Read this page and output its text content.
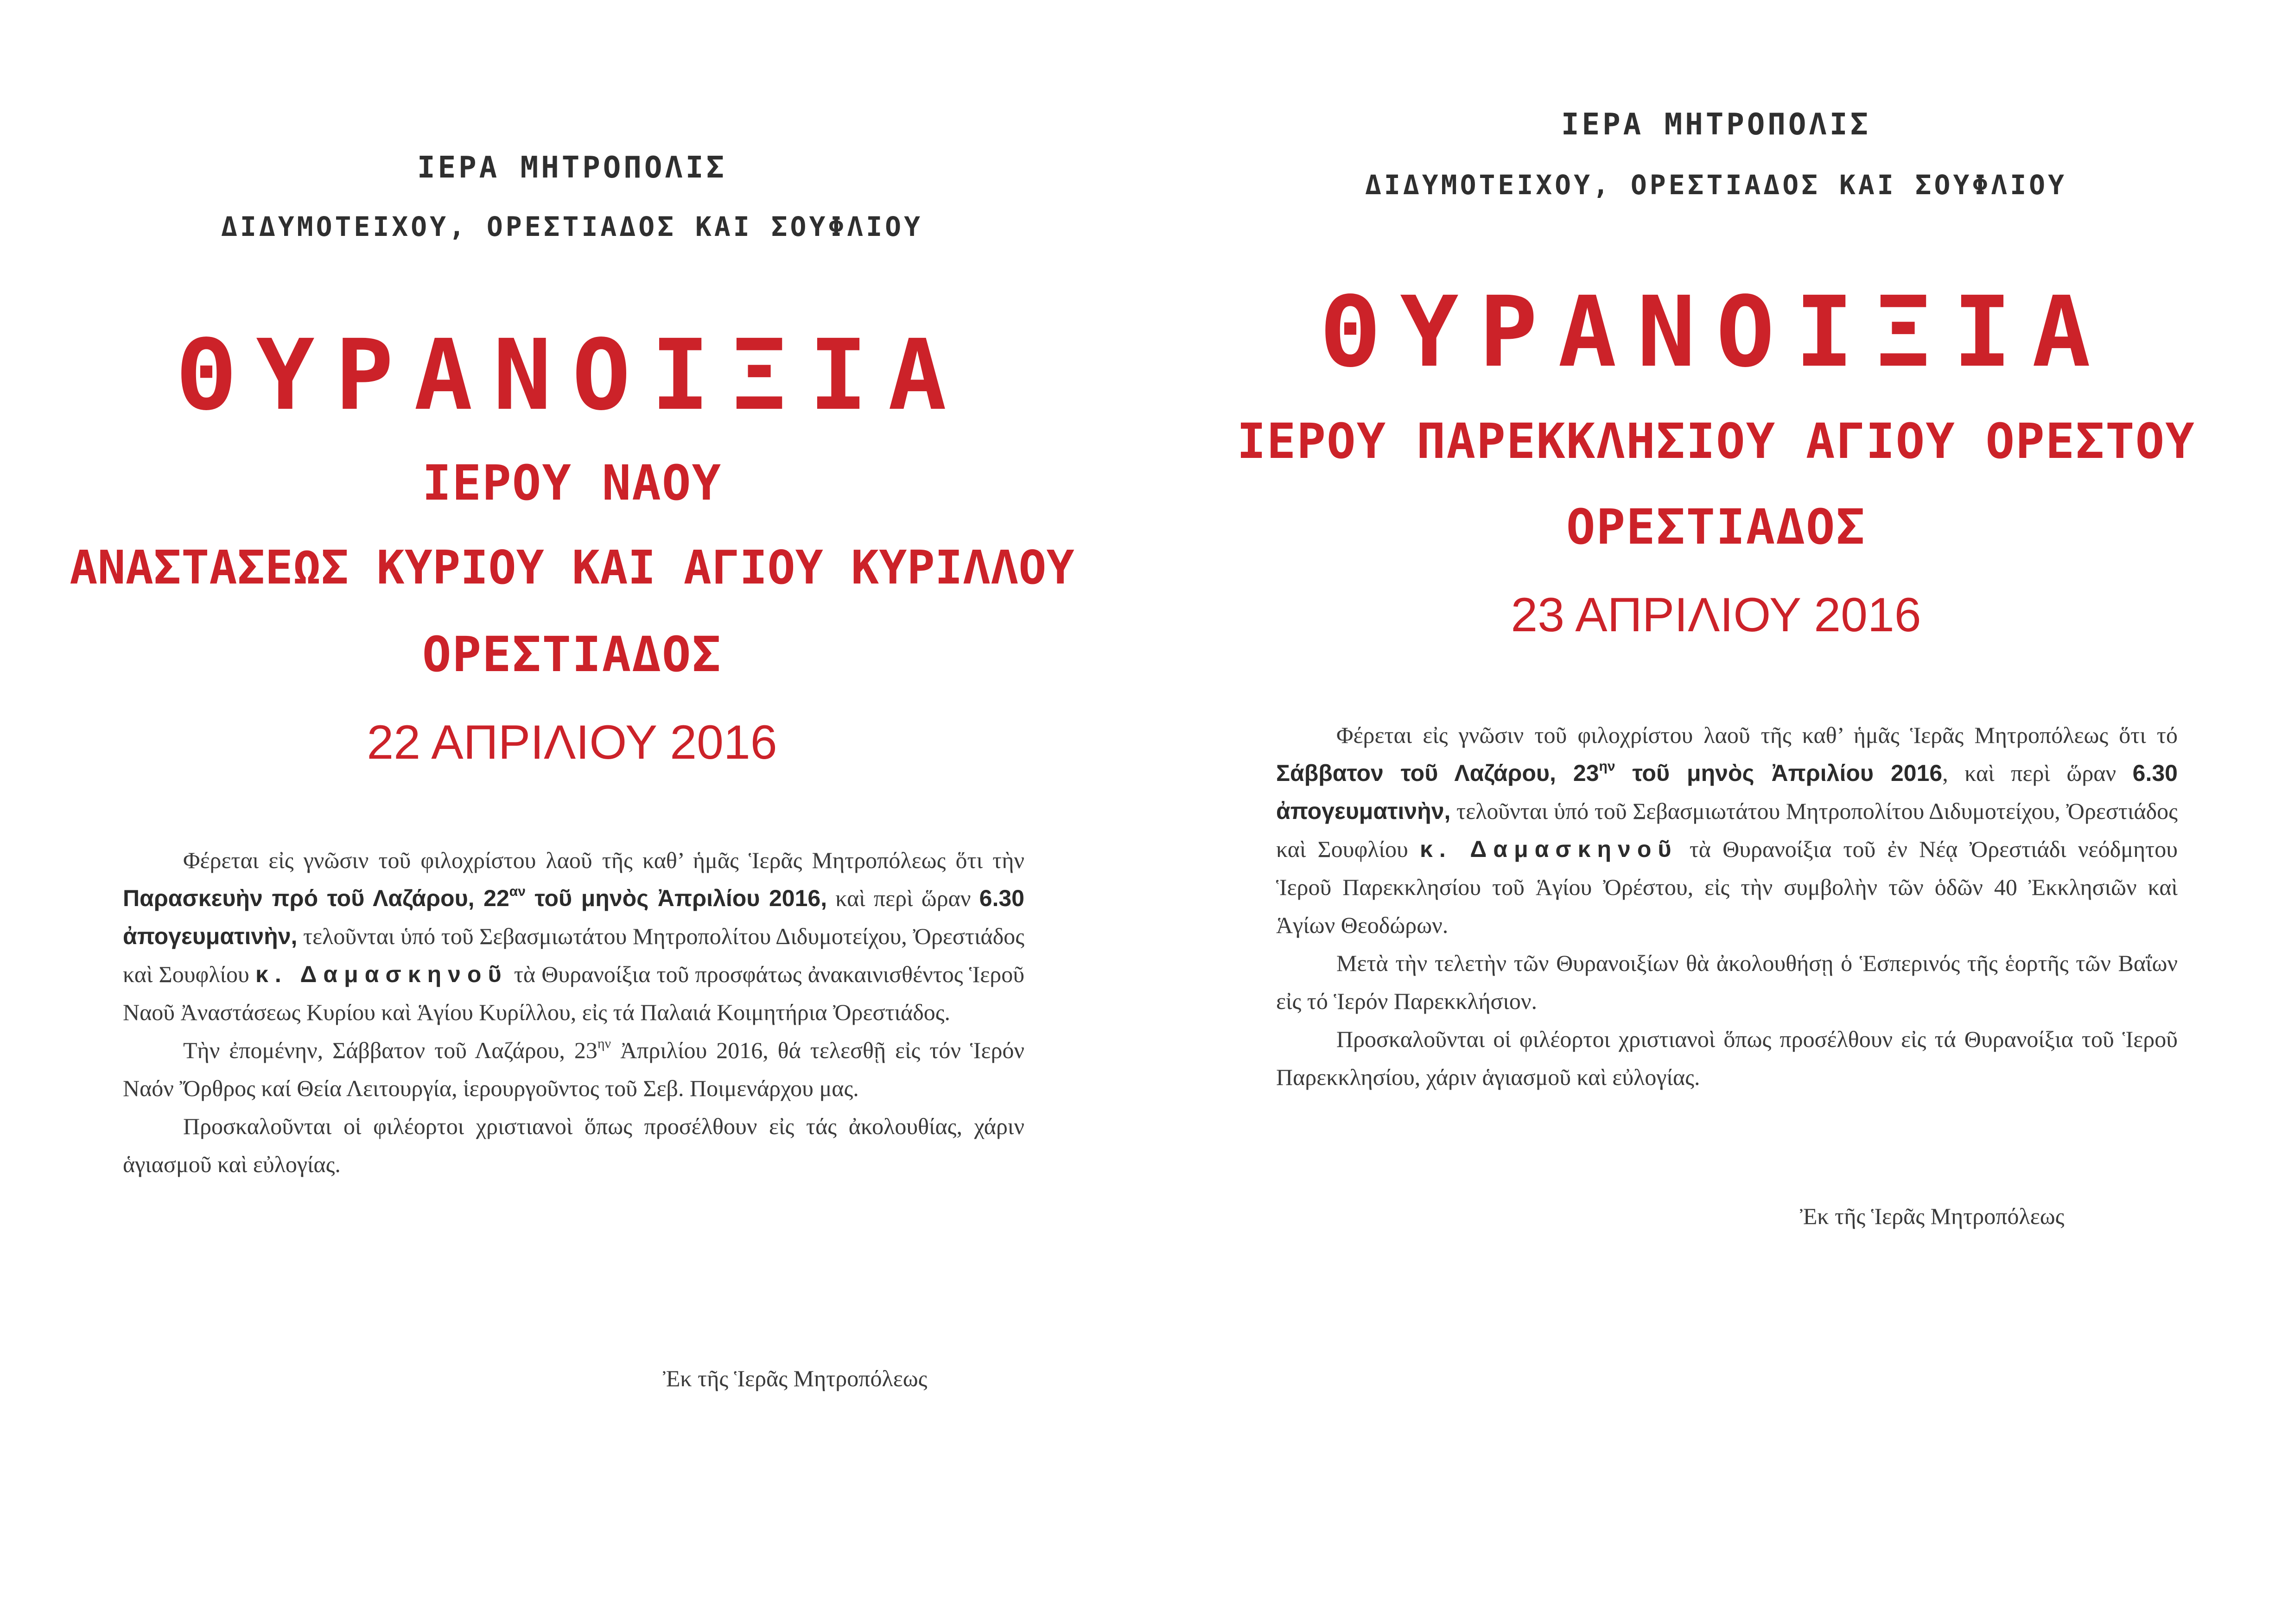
ΙΕΡΑ ΜΗΤΡΟΠΟΛΙΣ
ΔΙΔΥΜΟΤΕΙΧΟΥ, ΟΡΕΣΤΙΑΔΟΣ ΚΑΙ ΣΟΥΦΛΙΟΥ
ΘΥΡΑΝΟΙΞΙΑ
ΙΕΡΟΥ ΝΑΟΥ
ΑΝΑΣΤΑΣΕΩΣ ΚΥΡΙΟΥ ΚΑΙ ΑΓΙΟΥ ΚΥΡΙΛΛΟΥ
ΟΡΕΣΤΙΑΔΟΣ
22 ΑΠΡΙΛΙΟΥ 2016

Φέρεται εἰς γνῶσιν τοῦ φιλοχρίστου λαοῦ τῆς καθ’ ἡμᾶς Ἱερᾶς Μητροπόλεως ὅτι τὴν Παρασκευὴν πρό τοῦ Λαζάρου, $22^{\alpha\nu}$ τοῦ μηνὸς Ἀπριλίου 2016, καὶ περὶ ὥραν 6.30 ἀπογευματινὴν, τελοῦνται ὑπό τοῦ Σεβασμιωτάτου Μητροπολίτου Διδυμοτείχου, Ὀρεστιάδος καὶ Σουφλίου κ. Δαμασκηνοῦ τὰ Θυρανοίξια τοῦ προσφάτως ἀνακαινισθέντος Ἱεροῦ Ναοῦ Ἀναστάσεως Κυρίου καὶ Ἁγίου Κυρίλλου, εἰς τά Παλαιά Κοιμητήρια Ὀρεστιάδος.

Τὴν ἐπομένην, Σάββατον τοῦ Λαζάρου, $23^{\eta\nu}$ Ἀπριλίου 2016, θά τελεσθῇ εἰς τόν Ἱερόν Ναόν Ὄρθρος καί Θεία Λειτουργία, ἱερουργοῦντος τοῦ Σεβ. Ποιμενάρχου μας.

Προσκαλοῦνται οἱ φιλέορτοι χριστιανοὶ ὅπως προσέλθουν εἰς τάς ἀκολουθίας, χάριν ἁγιασμοῦ καὶ εὐλογίας.

Ἐκ τῆς Ἱερᾶς Μητροπόλεως
ΙΕΡΑ ΜΗΤΡΟΠΟΛΙΣ
ΔΙΔΥΜΟΤΕΙΧΟΥ, ΟΡΕΣΤΙΑΔΟΣ ΚΑΙ ΣΟΥΦΛΙΟΥ
ΘΥΡΑΝΟΙΞΙΑ
ΙΕΡΟΥ ΠΑΡΕΚΚΛΗΣΙΟΥ ΑΓΙΟΥ ΟΡΕΣΤΟΥ
ΟΡΕΣΤΙΑΔΟΣ
23 ΑΠΡΙΛΙΟΥ 2016

Φέρεται εἰς γνῶσιν τοῦ φιλοχρίστου λαοῦ τῆς καθ’ ἡμᾶς Ἱερᾶς Μητροπόλεως ὅτι τό Σάββατον τοῦ Λαζάρου, $23^{\eta\nu}$ τοῦ μηνὸς Ἀπριλίου 2016, καὶ περὶ ὥραν 6.30 ἀπογευματινὴν, τελοῦνται ὑπό τοῦ Σεβασμιωτάτου Μητροπολίτου Διδυμοτείχου, Ὀρεστιάδος καὶ Σουφλίου κ. Δαμασκηνοῦ τὰ Θυρανοίξια τοῦ ἐν Νέᾳ Ὀρεστιάδι νεόδμητου Ἱεροῦ Παρεκκλησίου τοῦ Ἁγίου Ὀρέστου, εἰς τὴν συμβολὴν τῶν ὁδῶν 40 Ἐκκλησιῶν καὶ Ἁγίων Θεοδώρων.

Μετὰ τὴν τελετὴν τῶν Θυρανοιξίων θὰ ἀκολουθήσῃ ὁ Ἑσπερινός τῆς ἑορτῆς τῶν Βαΐων εἰς τό Ἱερόν Παρεκκλήσιον.

Προσκαλοῦνται οἱ φιλέορτοι χριστιανοὶ ὅπως προσέλθουν εἰς τά Θυρανοίξια τοῦ Ἱεροῦ Παρεκκλησίου, χάριν ἁγιασμοῦ καὶ εὐλογίας.

Ἐκ τῆς Ἱερᾶς Μητροπόλεως
